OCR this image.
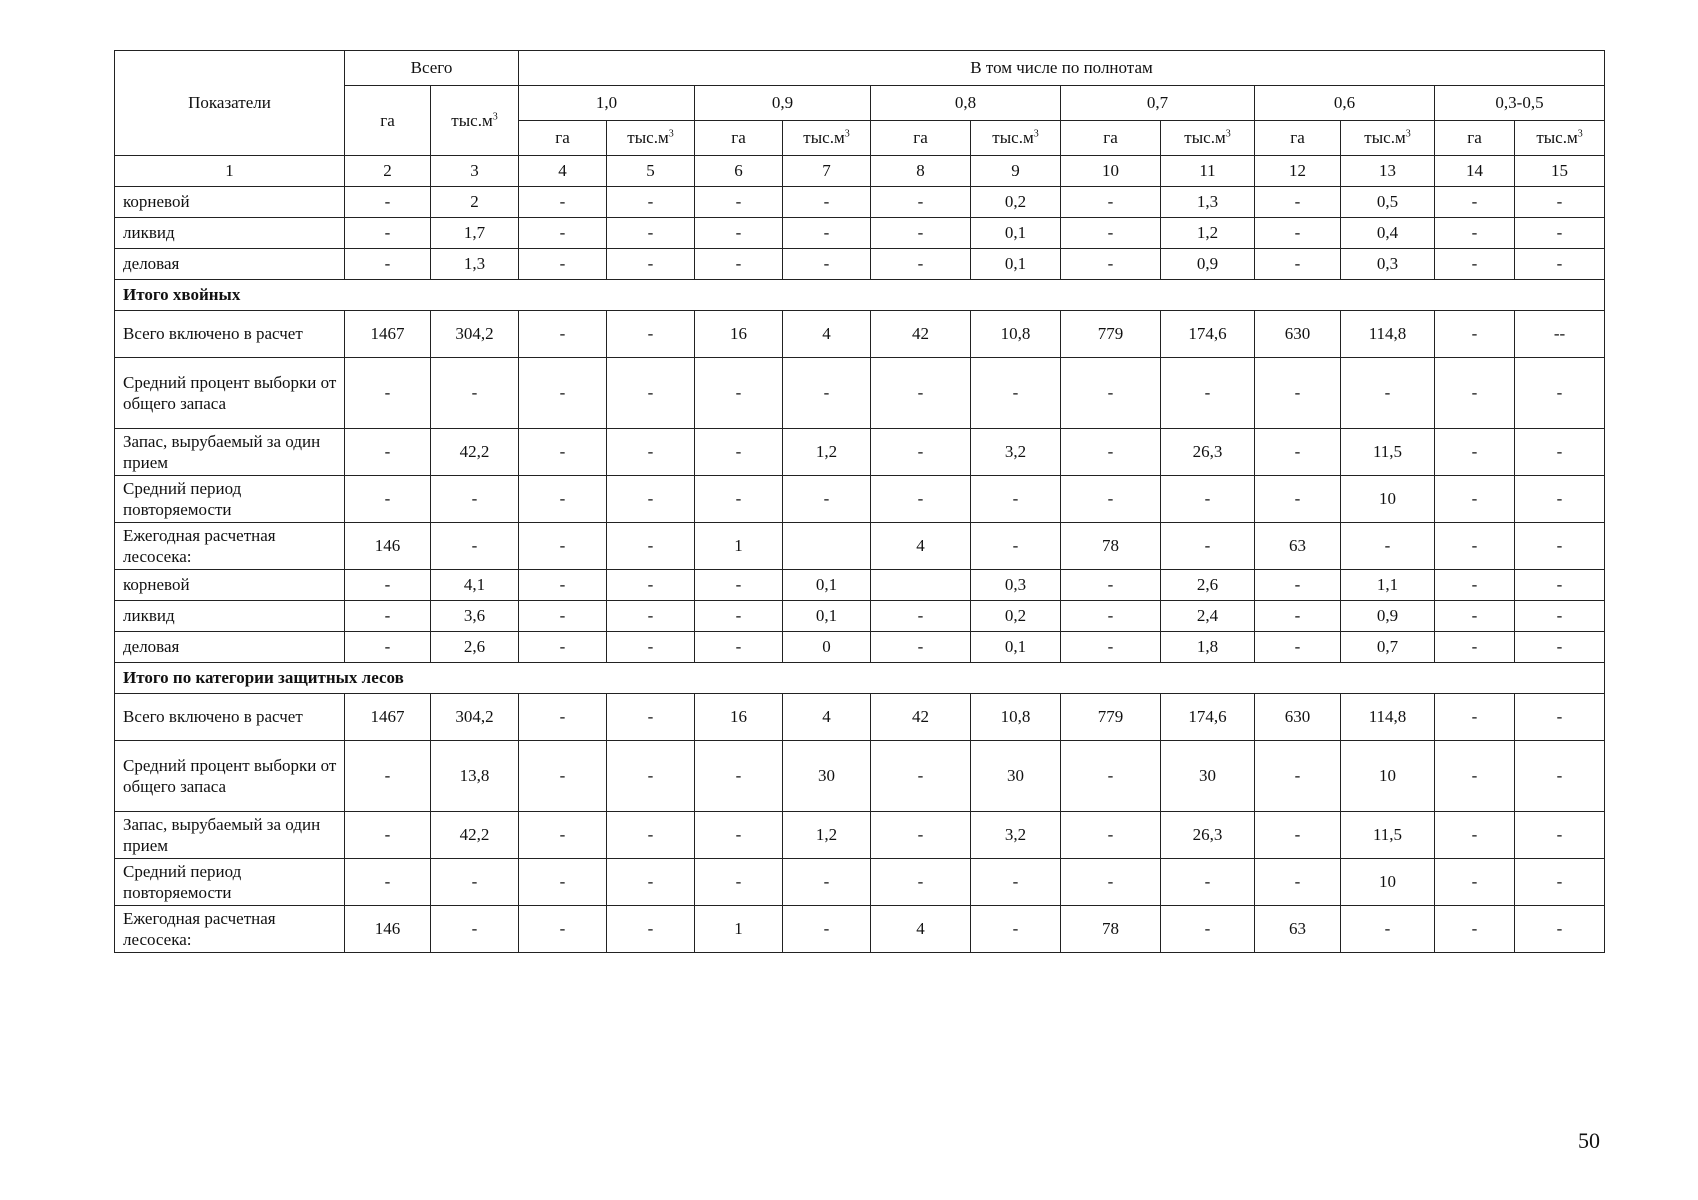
Показатели	Всего		В том числе по полнотам											
	га	$тыс.м^3$	1,0		0,9		0,8		0,7		0,6		0,3-0,5	
			га	$тыс.м^3$	га	$тыс.м^3$	га	$тыс.м^3$	га	$тыс.м^3$	га	$тыс.м^3$	га	$тыс.м^3$
1	2	3	4	5	6	7	8	9	10	11	12	13	14	15
корневой	-	2	-	-	-	-	-	0,2	-	1,3	-	0,5	-	-
ликвид	-	1,7	-	-	-	-	-	0,1	-	1,2	-	0,4	-	-
деловая	-	1,3	-	-	-	-	-	0,1	-	0,9	-	0,3	-	-
Итого хвойных														
Всего включено в расчет	1467	304,2	-	-	16	4	42	10,8	779	174,6	630	114,8	-	--
Средний процент выборки от общего запаса	-	-	-	-	-	-	-	-	-	-	-	-	-	-
Запас, вырубаемый за один прием	-	42,2	-	-	-	1,2	-	3,2	-	26,3	-	11,5	-	-
Средний период повторяемости	-	-	-	-	-	-	-	-	-	-	-	10	-	-
Ежегодная расчетная лесосека:	146	-	-	-	1		4	-	78	-	63	-	-	-
корневой	-	4,1	-	-	-	0,1		0,3	-	2,6	-	1,1	-	-
ликвид	-	3,6	-	-	-	0,1	-	0,2	-	2,4	-	0,9	-	-
деловая	-	2,6	-	-	-	0	-	0,1	-	1,8	-	0,7	-	-
Итого по категории защитных лесов														
Всего включено в расчет	1467	304,2	-	-	16	4	42	10,8	779	174,6	630	114,8	-	-
Средний процент выборки от общего запаса	-	13,8	-	-	-	30	-	30	-	30	-	10	-	-
Запас, вырубаемый за один прием	-	42,2	-	-	-	1,2	-	3,2	-	26,3	-	11,5	-	-
Средний период повторяемости	-	-	-	-	-	-	-	-	-	-	-	10	-	-
Ежегодная расчетная лесосека:	146	-	-	-	1	-	4	-	78	-	63	-	-	-
50
